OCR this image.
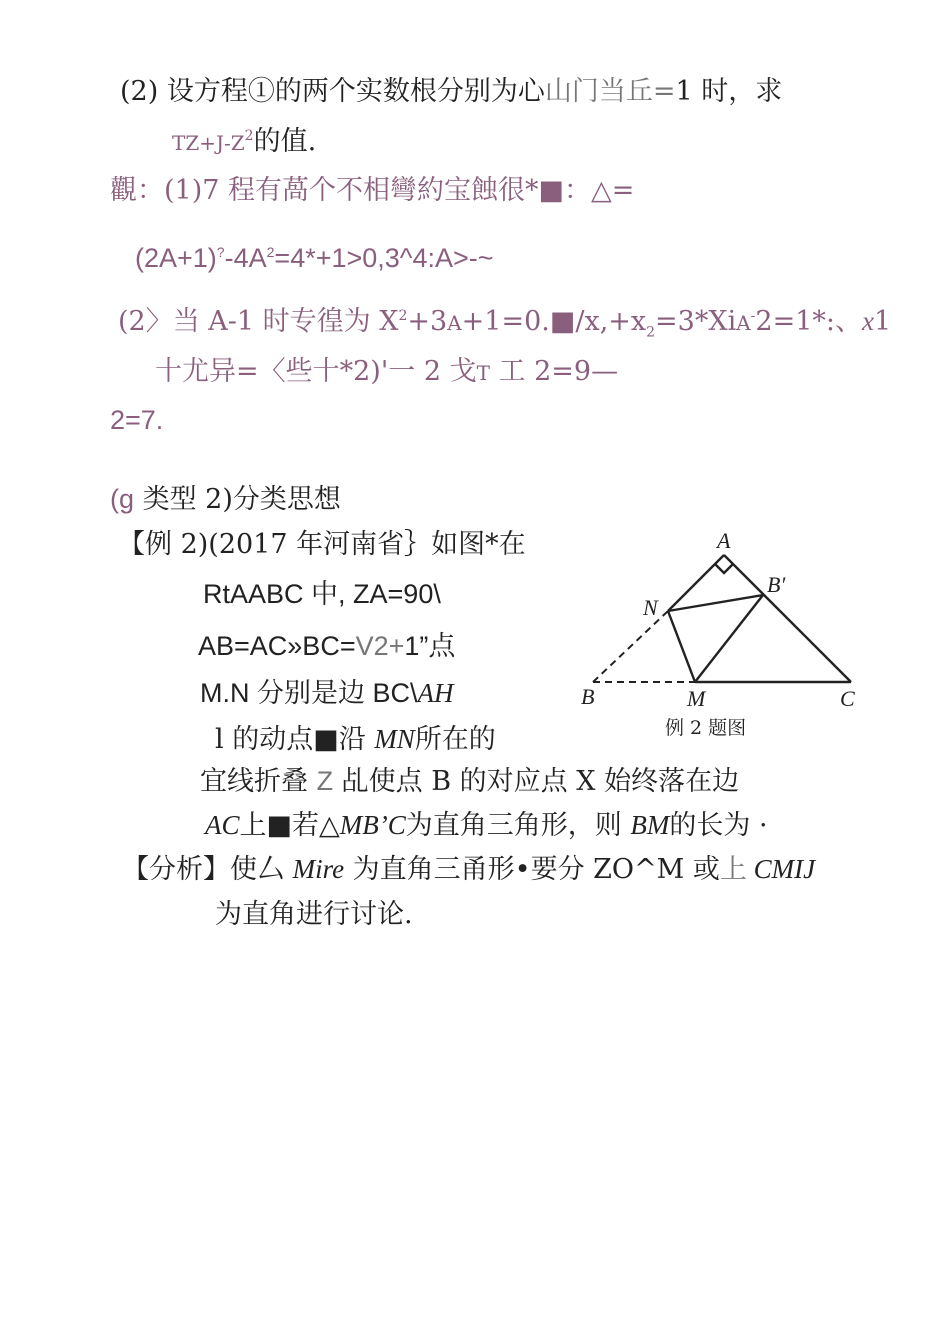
(2) 设方程①的两个实数根分别为心山门当丘=1 时，求
$TZ+J-Z^2$的值.
觀：(1)7 程有萵个不相彎約宝蝕很*■：△=
$(2A+1)^?-4A^2=4*+1>0,3\^{}4:A>-\sim$
(2〉当 A-1 时专徨为 $X^2+3A+1=0.■/x,+x_2=3*XiA^-2=1*$:、x1
十尤异=〈些十*2)'一 2 戈T 工 2=9—
2=7.
(g 类型 2)分类思想
【例 2)(2017 年河南省｝如图*在
RtAABC 中, ZA=90\
AB=AC»BC=V2+1”点
M.N 分别是边 BC\AH
l 的动点■沿 MN所在的
宜线折叠 Z 乩使点 B 的对应点 X 始终落在边
AC上■若△MB’C为直角三角形，则 BM的长为 ·
【分析】使厶 Mire 为直角三甬形•要分 ZO^M 或上 CMIJ
为直角进行讨论.
A
B′
N
B	M	C
例 2 题图
